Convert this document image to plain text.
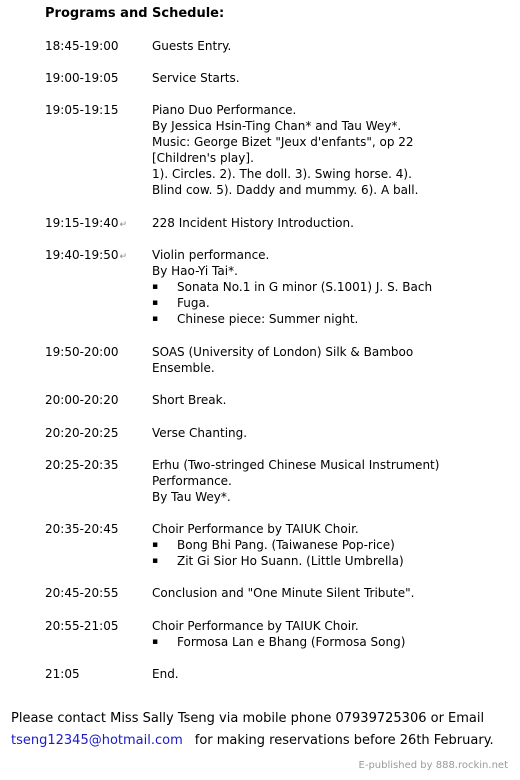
Programs and Schedule:
18:45-19:00	Guests Entry.
19:00-19:05	Service Starts.
19:05-19:15	Piano Duo Performance.
By Jessica Hsin-Ting Chan* and Tau Wey*.
Music: George Bizet "Jeux d'enfants", op 22
[Children's play].
1). Circles. 2). The doll. 3). Swing horse. 4).
Blind cow. 5). Daddy and mummy. 6). A ball.
19:15-19:40↵	228 Incident History Introduction.
19:40-19:50↵	Violin performance.
By Hao-Yi Tai*.
▪ Sonata No.1 in G minor (S.1001) J. S. Bach
▪ Fuga.
▪ Chinese piece: Summer night.
19:50-20:00	SOAS (University of London) Silk & Bamboo
Ensemble.
20:00-20:20	Short Break.
20:20-20:25	Verse Chanting.
20:25-20:35	Erhu (Two-stringed Chinese Musical Instrument)
Performance.
By Tau Wey*.
20:35-20:45	Choir Performance by TAIUK Choir.
▪ Bong Bhi Pang. (Taiwanese Pop-rice)
▪ Zit Gi Sior Ho Suann. (Little Umbrella)
20:45-20:55	Conclusion and "One Minute Silent Tribute".
20:55-21:05	Choir Performance by TAIUK Choir.
▪ Formosa Lan e Bhang (Formosa Song)
21:05	End.
Please contact Miss Sally Tseng via mobile phone 07939725306 or Email
tseng12345@hotmail.com for making reservations before 26th February.
E-published by 888.rockin.net
